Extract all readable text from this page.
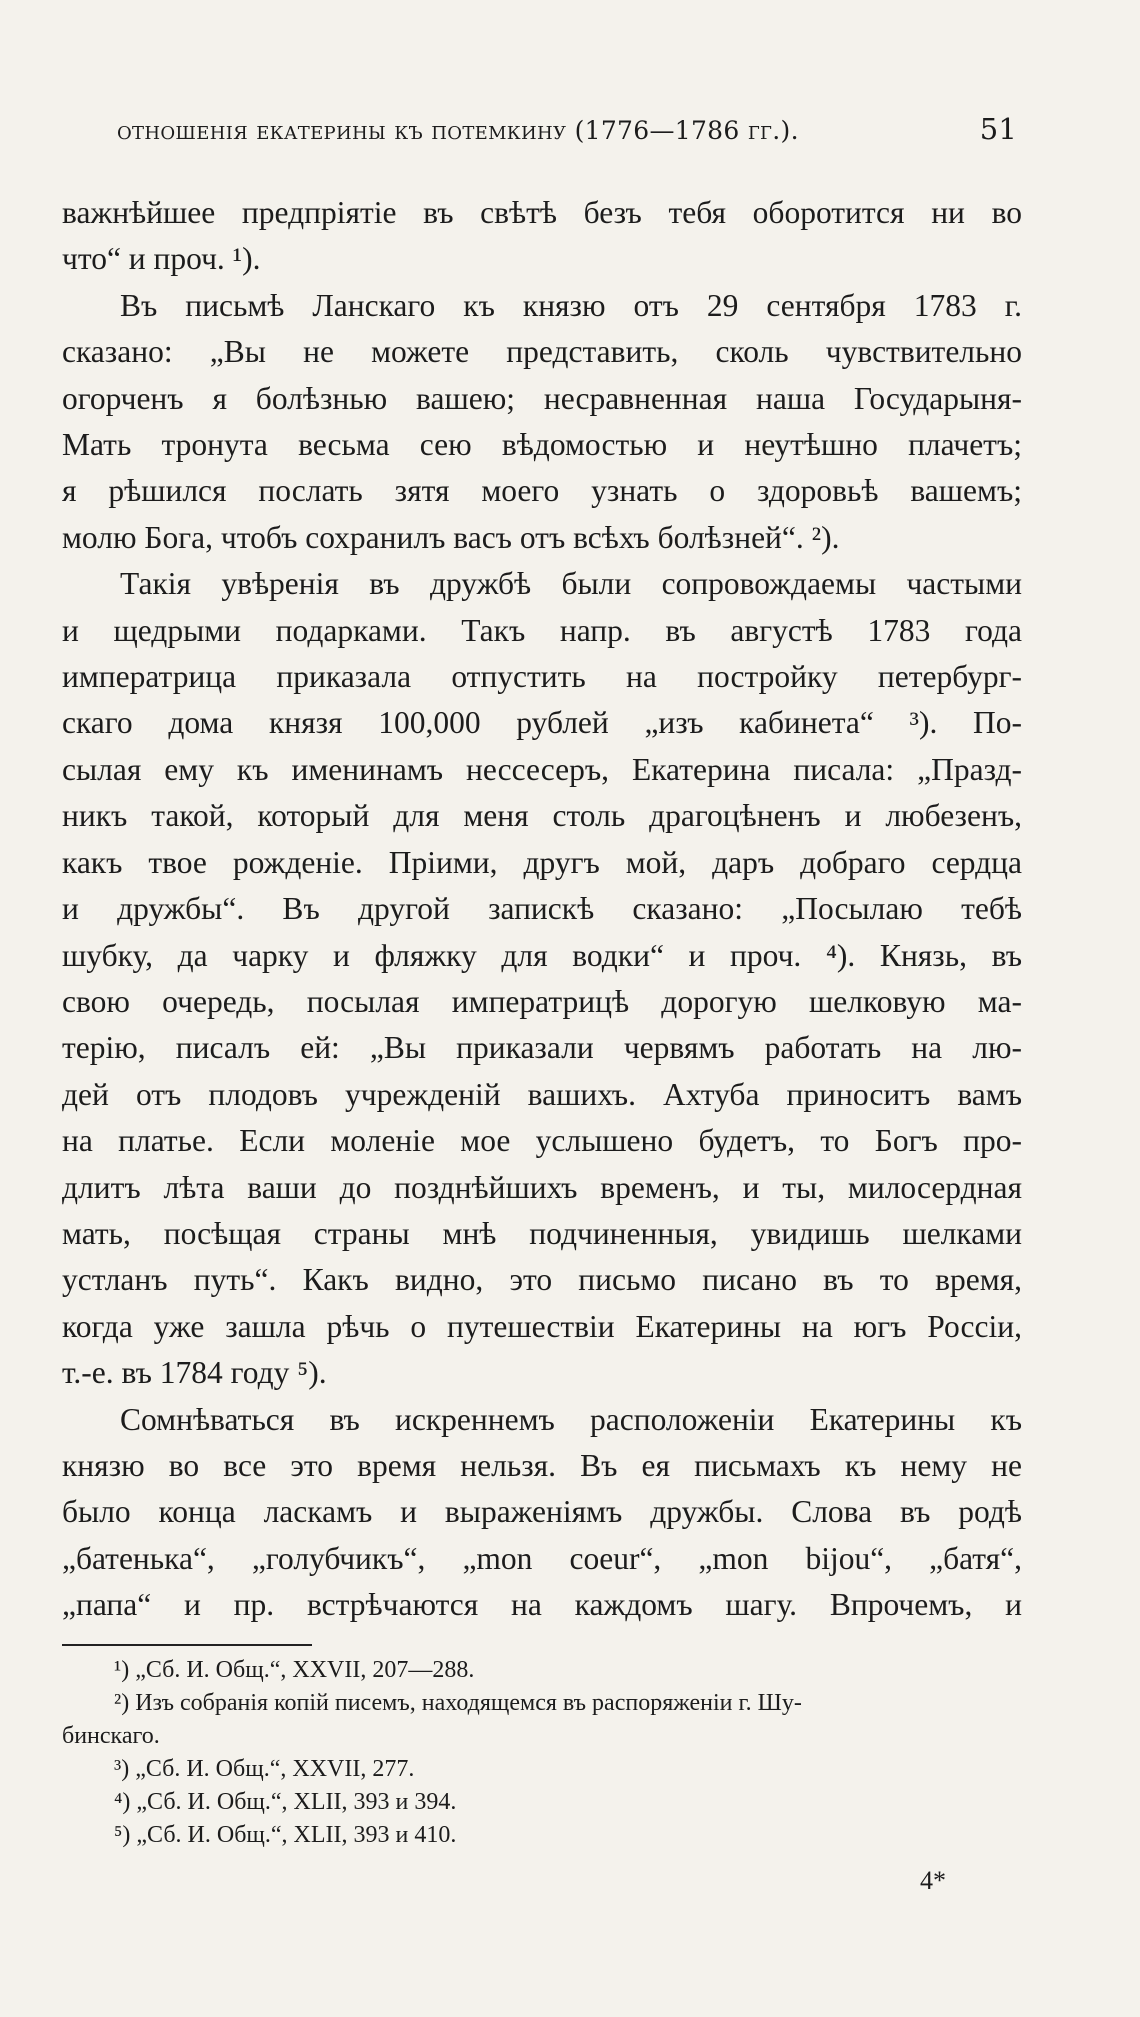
отношенія екатерины къ потемкину (1776—1786 гг.).	51
важнѣйшее предпріятіе въ свѣтѣ безъ тебя оборотится ни во
что“ и проч. ¹).
Въ письмѣ Ланскаго къ князю отъ 29 сентября 1783 г.
сказано: „Вы не можете представить, сколь чувствительно
огорченъ я болѣзнью вашею; несравненная наша Государыня-
Мать тронута весьма сею вѣдомостью и неутѣшно плачетъ;
я рѣшился послать зятя моего узнать о здоровьѣ вашемъ;
молю Бога, чтобъ сохранилъ васъ отъ всѣхъ болѣзней“. ²).
Такія увѣренія въ дружбѣ были сопровождаемы частыми
и щедрыми подарками. Такъ напр. въ августѣ 1783 года
императрица приказала отпустить на постройку петербург-
скаго дома князя 100,000 рублей „изъ кабинета“ ³). По-
сылая ему къ именинамъ нессесеръ, Екатерина писала: „Празд-
никъ такой, который для меня столь драгоцѣненъ и любезенъ,
какъ твое рожденіе. Пріими, другъ мой, даръ добраго сердца
и дружбы“. Въ другой запискѣ сказано: „Посылаю тебѣ
шубку, да чарку и фляжку для водки“ и проч. ⁴). Князь, въ
свою очередь, посылая императрицѣ дорогую шелковую ма-
терію, писалъ ей: „Вы приказали червямъ работать на лю-
дей отъ плодовъ учрежденій вашихъ. Ахтуба приноситъ вамъ
на платье. Если моленіе мое услышено будетъ, то Богъ про-
длитъ лѣта ваши до позднѣйшихъ временъ, и ты, милосердная
мать, посѣщая страны мнѣ подчиненныя, увидишь шелками
устланъ путь“. Какъ видно, это письмо писано въ то время,
когда уже зашла рѣчь о путешествіи Екатерины на югъ Россіи,
т.-е. въ 1784 году ⁵).
Сомнѣваться въ искреннемъ расположеніи Екатерины къ
князю во все это время нельзя. Въ ея письмахъ къ нему не
было конца ласкамъ и выраженіямъ дружбы. Слова въ родѣ
„батенька“, „голубчикъ“, „mon coeur“, „mon bijou“, „батя“,
„папа“ и пр. встрѣчаются на каждомъ шагу. Впрочемъ, и
¹) „Сб. И. Общ.“, XXVII, 207—288.
²) Изъ собранія копій писемъ, находящемся въ распоряженіи г. Шу-
бинскаго.
³) „Сб. И. Общ.“, XXVII, 277.
⁴) „Сб. И. Общ.“, XLII, 393 и 394.
⁵) „Сб. И. Общ.“, XLII, 393 и 410.
4*
